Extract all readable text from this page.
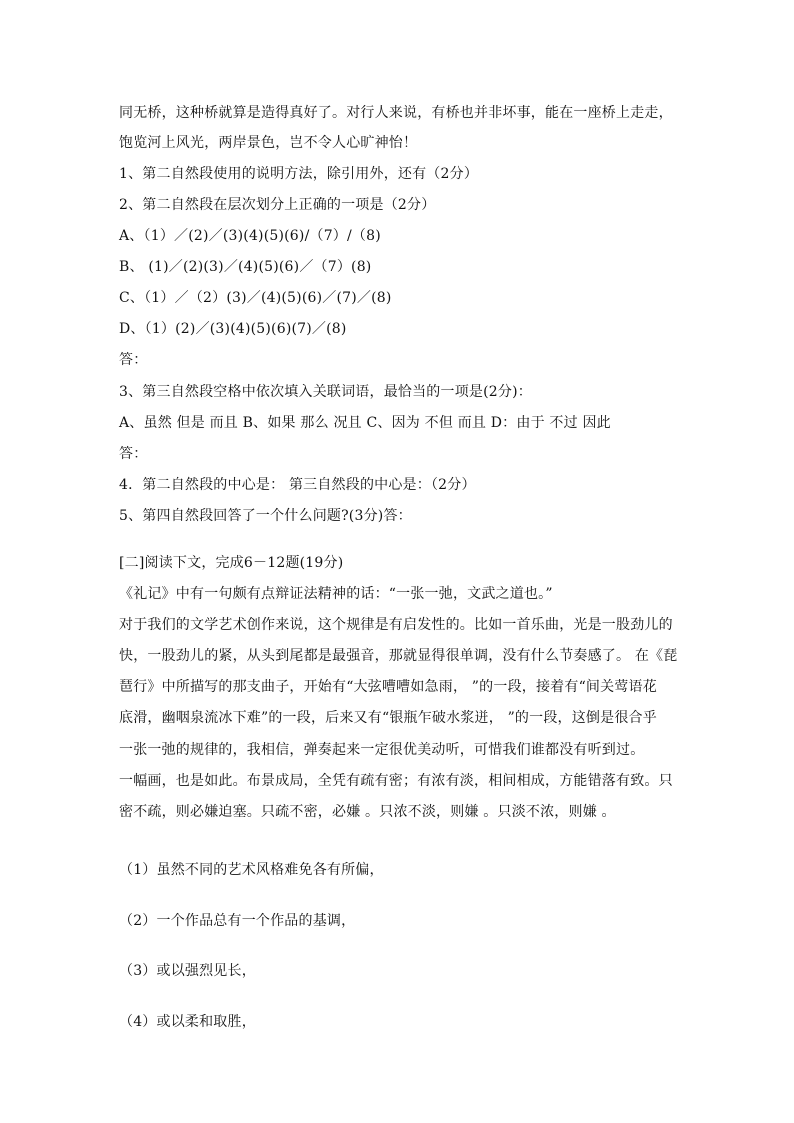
同无桥，这种桥就算是造得真好了。对行人来说，有桥也并非坏事，能在一座桥上走走，
饱览河上风光，两岸景色，岂不令人心旷神怡！
1、第二自然段使用的说明方法，除引用外，还有（2分）
2、第二自然段在层次划分上正确的一项是（2分）
A、（1）／(2)／(3)(4)(5)(6)/（7）/（8)
B、 (1)／(2)(3)／(4)(5)(6)／（7）(8)
C、（1）／（2）(3)／(4)(5)(6)／(7)／(8)
D、（1）(2)／(3)(4)(5)(6)(7)／(8)
答：
3、第三自然段空格中依次填入关联词语，最恰当的一项是(2分)：
A、虽然 但是 而且 B、如果 那么 况且 C、因为 不但 而且 D：由于 不过 因此
答：
4．第二自然段的中心是： 第三自然段的中心是：（2分）
5、第四自然段回答了一个什么问题?(3分)答：
[二]阅读下文，完成6－12题(19分)
《礼记》中有一句颇有点辩证法精神的话：“一张一弛，文武之道也。”
对于我们的文学艺术创作来说，这个规律是有启发性的。比如一首乐曲，光是一股劲儿的
快，一股劲儿的紧，从头到尾都是最强音，那就显得很单调，没有什么节奏感了。 在《琵
琶行》中所描写的那支曲子，开始有“大弦嘈嘈如急雨， ”的一段，接着有“间关莺语花
底滑，幽咽泉流冰下难”的一段，后来又有“银瓶乍破水浆迸， ”的一段，这倒是很合乎
一张一弛的规律的，我相信，弹奏起来一定很优美动听，可惜我们谁都没有听到过。
一幅画，也是如此。布景成局，全凭有疏有密；有浓有淡，相间相成，方能错落有致。只
密不疏，则必嫌迫塞。只疏不密，必嫌 。只浓不淡，则嫌 。只淡不浓，则嫌 。
（1）虽然不同的艺术风格难免各有所偏，
（2）一个作品总有一个作品的基调，
（3）或以强烈见长，
（4）或以柔和取胜，
